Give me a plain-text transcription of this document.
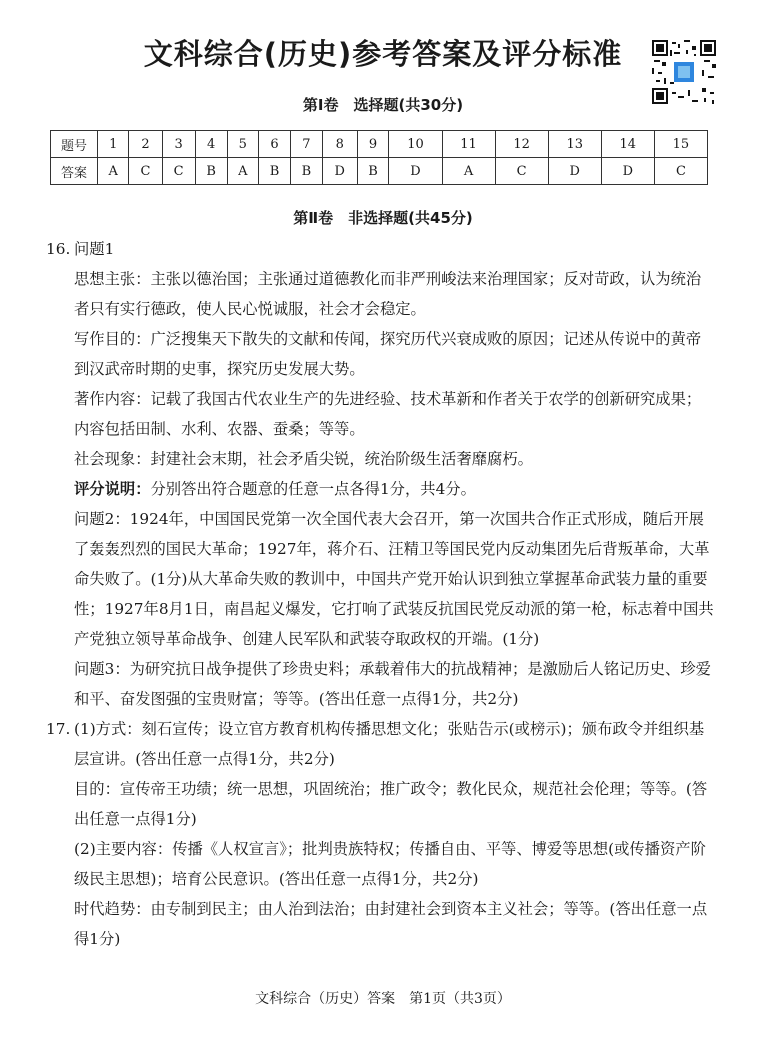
文科综合(历史)参考答案及评分标准
第Ⅰ卷　选择题(共30分)
题号	1	2	3	4	5	6	7	8	9	10	11	12	13	14	15
答案	A	C	C	B	A	B	B	D	B	D	A	C	D	D	C
第Ⅱ卷　非选择题(共45分)

16. 问题1

思想主张：主张以德治国；主张通过道德教化而非严刑峻法来治理国家；反对苛政，认为统治者只有实行德政，使人民心悦诚服，社会才会稳定。

写作目的：广泛搜集天下散失的文献和传闻，探究历代兴衰成败的原因；记述从传说中的黄帝到汉武帝时期的史事，探究历史发展大势。

著作内容：记载了我国古代农业生产的先进经验、技术革新和作者关于农学的创新研究成果；内容包括田制、水利、农器、蚕桑；等等。

社会现象：封建社会末期，社会矛盾尖锐，统治阶级生活奢靡腐朽。

评分说明：分别答出符合题意的任意一点各得1分，共4分。

问题2：1924年，中国国民党第一次全国代表大会召开，第一次国共合作正式形成，随后开展了轰轰烈烈的国民大革命；1927年，蒋介石、汪精卫等国民党内反动集团先后背叛革命，大革命失败了。(1分)从大革命失败的教训中，中国共产党开始认识到独立掌握革命武装力量的重要性；1927年8月1日，南昌起义爆发，它打响了武装反抗国民党反动派的第一枪，标志着中国共产党独立领导革命战争、创建人民军队和武装夺取政权的开端。(1分)

问题3：为研究抗日战争提供了珍贵史料；承载着伟大的抗战精神；是激励后人铭记历史、珍爱和平、奋发图强的宝贵财富；等等。(答出任意一点得1分，共2分)

17. (1)方式：刻石宣传；设立官方教育机构传播思想文化；张贴告示(或榜示)；颁布政令并组织基层宣讲。(答出任意一点得1分，共2分)

目的：宣传帝王功绩；统一思想，巩固统治；推广政令；教化民众，规范社会伦理；等等。(答出任意一点得1分)

(2)主要内容：传播《人权宣言》；批判贵族特权；传播自由、平等、博爱等思想(或传播资产阶级民主思想)；培育公民意识。(答出任意一点得1分，共2分)

时代趋势：由专制到民主；由人治到法治；由封建社会到资本主义社会；等等。(答出任意一点得1分)

文科综合（历史）答案　第1页（共3页）
